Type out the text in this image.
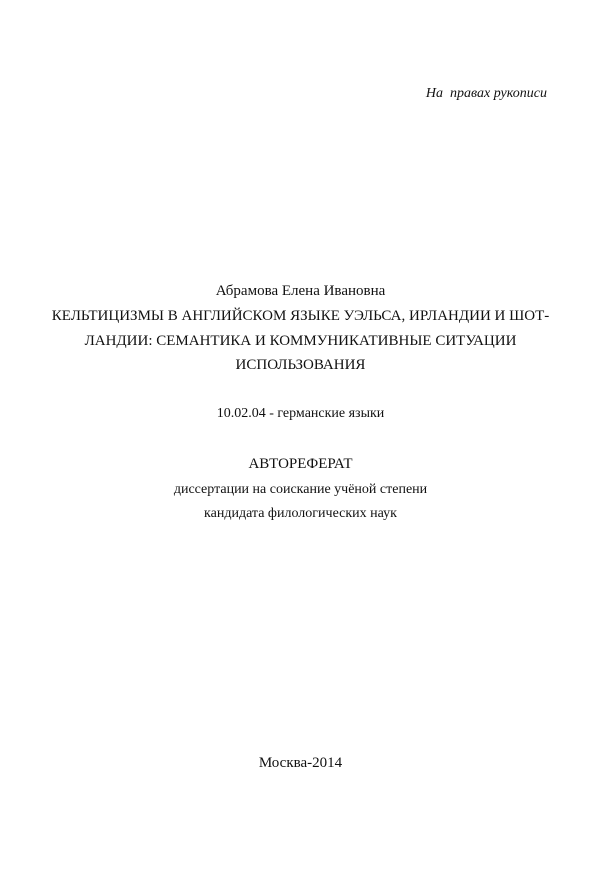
На  правах рукописи
Абрамова Елена Ивановна
КЕЛЬТИЦИЗМЫ В АНГЛИЙСКОМ ЯЗЫКЕ УЭЛЬСА, ИРЛАНДИИ И ШОТ-
ЛАНДИИ: СЕМАНТИКА И КОММУНИКАТИВНЫЕ СИТУАЦИИ
ИСПОЛЬЗОВАНИЯ
10.02.04 - германские языки
АВТОРЕФЕРАТ
диссертации на соискание учёной степени
кандидата филологических наук
Москва-2014
